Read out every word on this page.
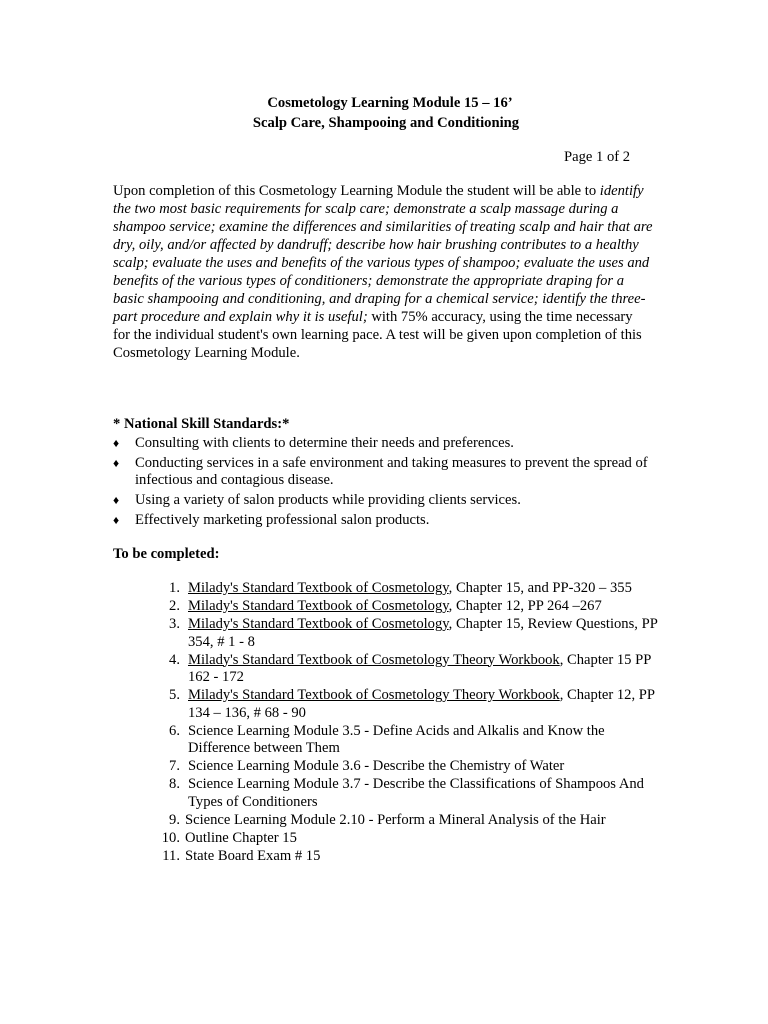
Cosmetology Learning Module 15 – 16’
Scalp Care, Shampooing and Conditioning
Page 1 of 2
Upon completion of this Cosmetology Learning Module the student will be able to identify the two most basic requirements for scalp care; demonstrate a scalp massage during a shampoo service; examine the differences and similarities of treating scalp and hair that are dry, oily, and/or affected by dandruff; describe how hair brushing contributes to a healthy scalp; evaluate the uses and benefits of the various types of shampoo; evaluate the uses and benefits of the various types of conditioners; demonstrate the appropriate draping for a basic shampooing and conditioning, and draping for a chemical service; identify the three-part procedure and explain why it is useful; with 75% accuracy, using the time necessary for the individual student's own learning pace. A test will be given upon completion of this Cosmetology Learning Module.
* National Skill Standards:*
♦ Consulting with clients to determine their needs and preferences.
♦ Conducting services in a safe environment and taking measures to prevent the spread of infectious and contagious disease.
♦ Using a variety of salon products while providing clients services.
♦ Effectively marketing professional salon products.
To be completed:
1. Milady's Standard Textbook of Cosmetology, Chapter 15, and PP-320 – 355
2. Milady's Standard Textbook of Cosmetology, Chapter 12, PP 264 –267
3. Milady's Standard Textbook of Cosmetology, Chapter 15, Review Questions, PP 354, # 1 - 8
4. Milady's Standard Textbook of Cosmetology Theory Workbook, Chapter 15 PP 162 - 172
5. Milady's Standard Textbook of Cosmetology Theory Workbook, Chapter 12, PP 134 – 136, # 68 - 90
6. Science Learning Module 3.5 - Define Acids and Alkalis and Know the Difference between Them
7. Science Learning Module 3.6 - Describe the Chemistry of Water
8. Science Learning Module 3.7 - Describe the Classifications of Shampoos And Types of Conditioners
9. Science Learning Module 2.10 - Perform a Mineral Analysis of the Hair
10. Outline Chapter 15
11. State Board Exam # 15
